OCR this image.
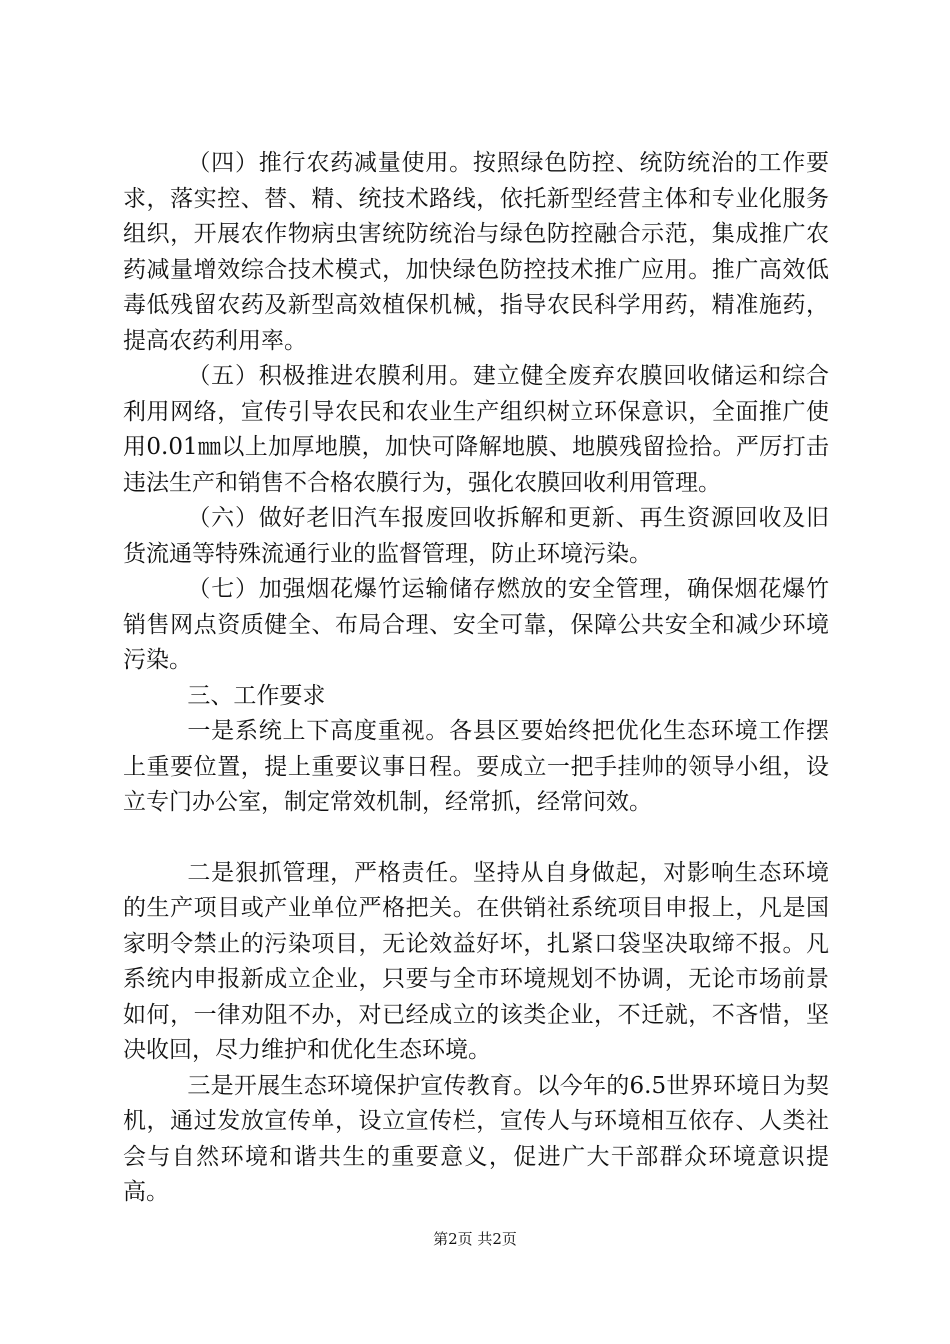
（四）推行农药减量使用。按照绿色防控、统防统治的工作要求，落实控、替、精、统技术路线，依托新型经营主体和专业化服务组织，开展农作物病虫害统防统治与绿色防控融合示范，集成推广农药减量增效综合技术模式，加快绿色防控技术推广应用。推广高效低毒低残留农药及新型高效植保机械，指导农民科学用药，精准施药，提高农药利用率。

（五）积极推进农膜利用。建立健全废弃农膜回收储运和综合利用网络，宣传引导农民和农业生产组织树立环保意识，全面推广使用0.01㎜以上加厚地膜，加快可降解地膜、地膜残留捡拾。严厉打击违法生产和销售不合格农膜行为，强化农膜回收利用管理。

（六）做好老旧汽车报废回收拆解和更新、再生资源回收及旧货流通等特殊流通行业的监督管理，防止环境污染。

（七）加强烟花爆竹运输储存燃放的安全管理，确保烟花爆竹销售网点资质健全、布局合理、安全可靠，保障公共安全和减少环境污染。

三、工作要求

一是系统上下高度重视。各县区要始终把优化生态环境工作摆上重要位置，提上重要议事日程。要成立一把手挂帅的领导小组，设立专门办公室，制定常效机制，经常抓，经常问效。

二是狠抓管理，严格责任。坚持从自身做起，对影响生态环境的生产项目或产业单位严格把关。在供销社系统项目申报上，凡是国家明令禁止的污染项目，无论效益好坏，扎紧口袋坚决取缔不报。凡系统内申报新成立企业，只要与全市环境规划不协调，无论市场前景如何，一律劝阻不办，对已经成立的该类企业，不迁就，不吝惜，坚决收回，尽力维护和优化生态环境。

三是开展生态环境保护宣传教育。以今年的6.5世界环境日为契机，通过发放宣传单，设立宣传栏，宣传人与环境相互依存、人类社会与自然环境和谐共生的重要意义，促进广大干部群众环境意识提高。

第2页 共2页
